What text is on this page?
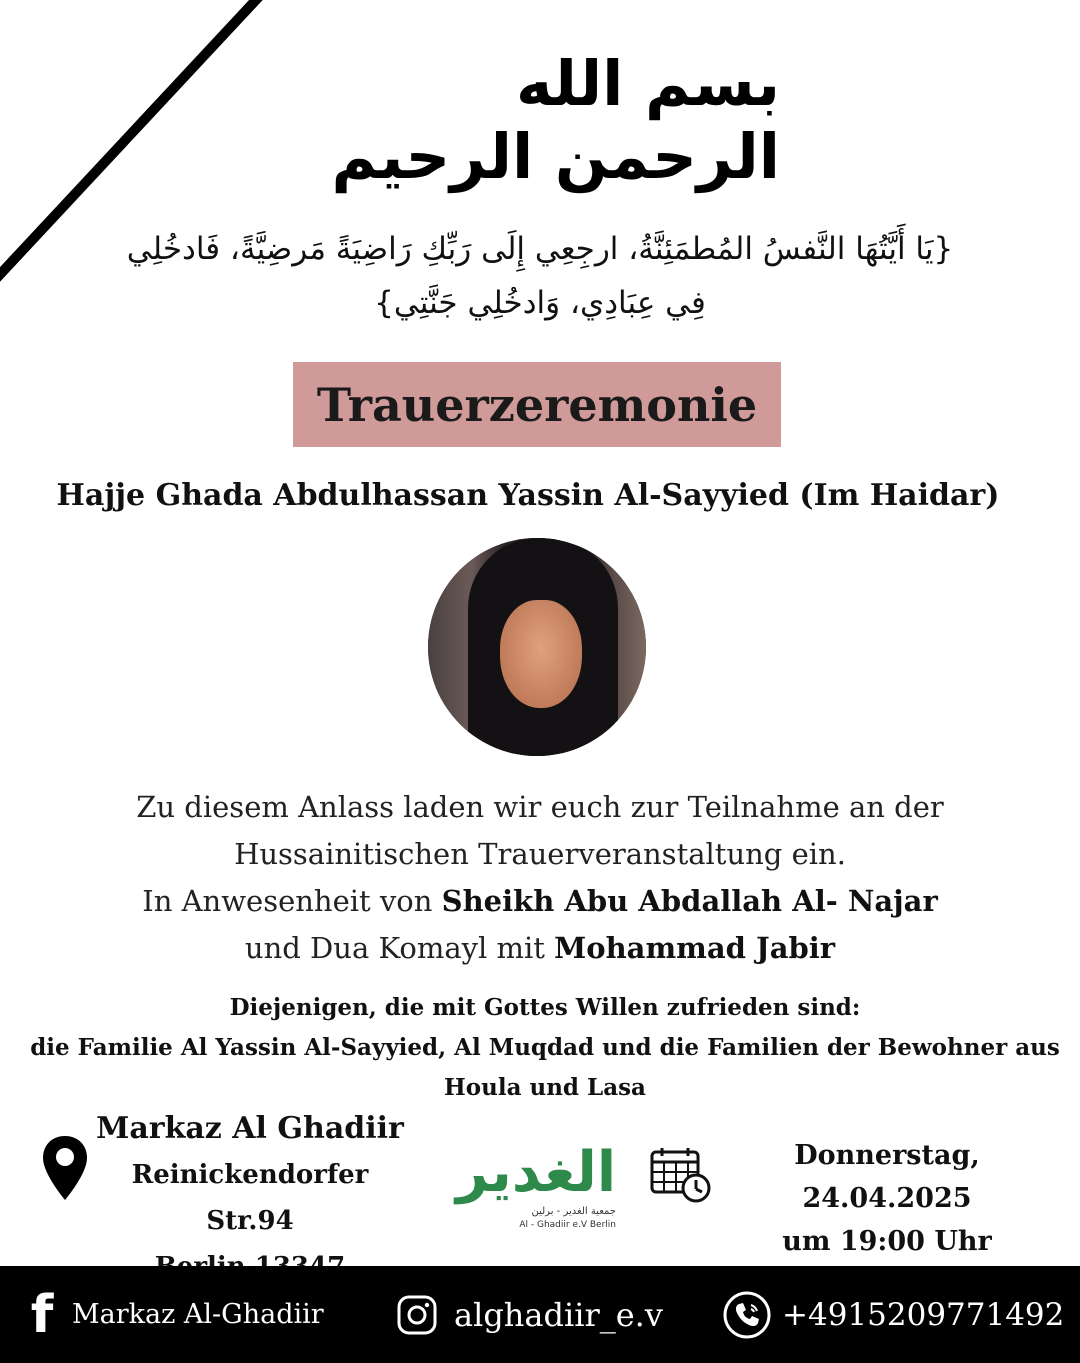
بسم الله الرحمن الرحيم
{يَا أَيَّتُهَا النَّفسُ المُطمَئِنَّةُ، ارجِعِي إِلَى رَبِّكِ رَاضِيَةً مَرضِيَّةً، فَادخُلِي
فِي عِبَادِي، وَادخُلِي جَنَّتِي}
Trauerzeremonie
Hajje Ghada Abdulhassan Yassin Al-Sayyied (Im Haidar)
Zu diesem Anlass laden wir euch zur Teilnahme an der
Hussainitischen Trauerveranstaltung ein.
In Anwesenheit von Sheikh Abu Abdallah Al- Najar
und Dua Komayl mit Mohammad Jabir
Diejenigen, die mit Gottes Willen zufrieden sind:
die Familie Al Yassin Al-Sayyied, Al Muqdad und die Familien der Bewohner aus
Houla und Lasa
Markaz Al Ghadiir
Reinickendorfer Str.94
الغدير
جمعية الغدير - برلين
Al - Ghadiir e.V Berlin
Donnerstag, 24.04.2025
um 19:00 Uhr
f Markaz Al-Ghadiir	alghadiir_e.v	+4915209771492
